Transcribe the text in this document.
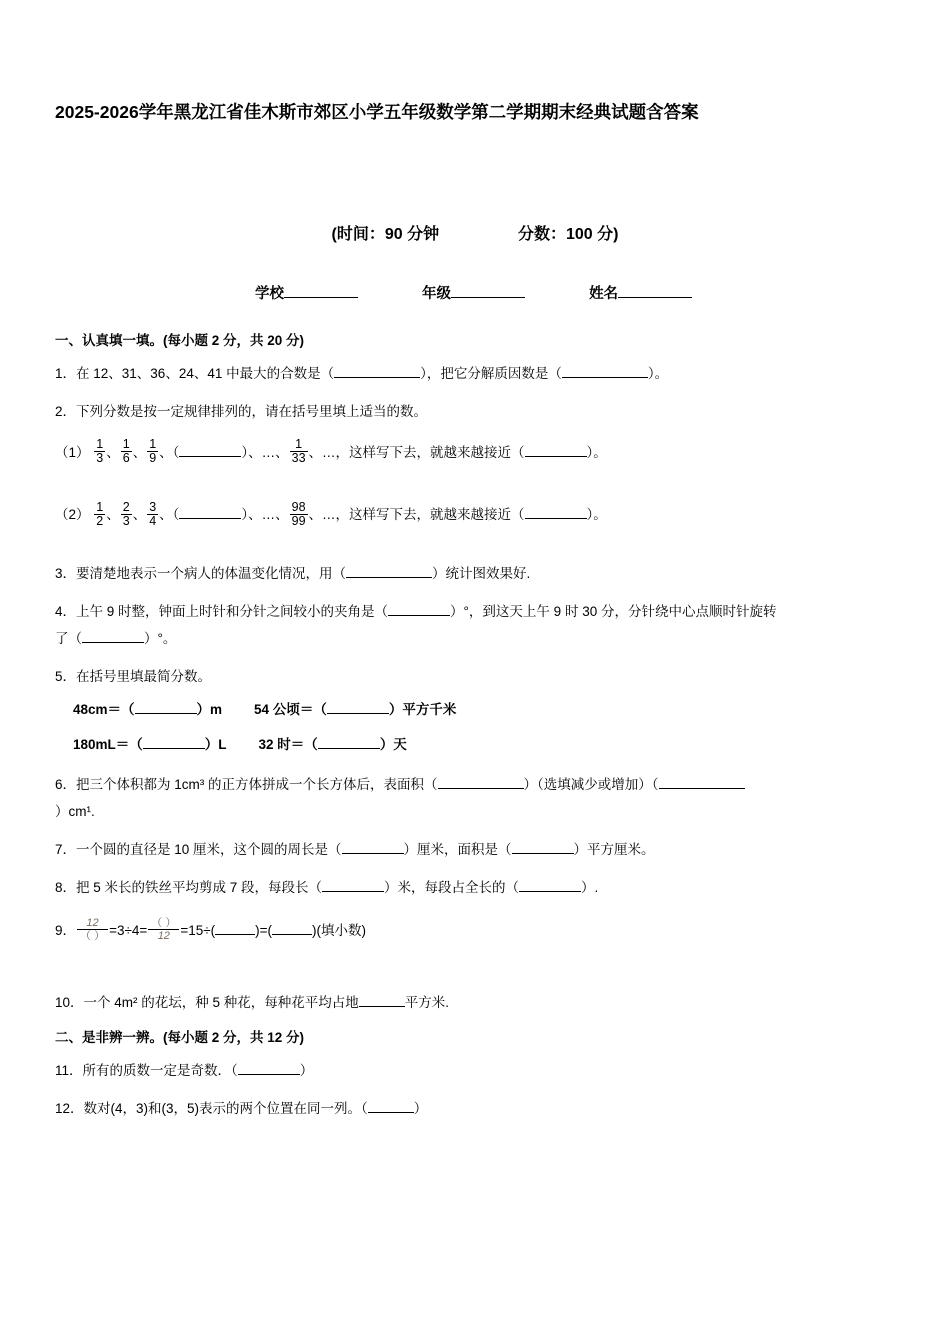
2025-2026学年黑龙江省佳木斯市郊区小学五年级数学第二学期期末经典试题含答案
(时间：90 分钟	分数：100 分)
学校	年级	姓名
一、认真填一填。(每小题 2 分，共 20 分)
1．在 12、31、36、24、41 中最大的合数是（	），把它分解质因数是（	）。
2．下列分数是按一定规律排列的，请在括号里填上适当的数。
$(1) \frac{1}{3}$ 、 $\frac{1}{6}$ 、 $\frac{1}{9}$ 、（	）、…、 $\frac{1}{33}$ 、…，这样写下去，就越来越接近（	）。
$(2) \frac{1}{2}$ 、 $\frac{2}{3}$ 、 $\frac{3}{4}$ 、（	）、…、 $\frac{98}{99}$ 、…，这样写下去，就越来越接近（	）。
3．要清楚地表示一个病人的体温变化情况，用（	）统计图效果好.
4．上午 9 时整，钟面上时针和分针之间较小的夹角是（	）°，到这天上午 9 时 30 分，分针绕中心点顺时针旋转
了（	）°。
5．在括号里填最简分数。
48cm＝（	）m 54 公顷＝（	）平方千米
180mL＝（	）L 32 时＝（	）天
6．把三个体积都为 1cm³ 的正方体拼成一个长方体后，表面积（	）（选填减少或增加）（
）cm¹.
7．一个圆的直径是 10 厘米，这个圆的周长是（	）厘米，面积是（	）平方厘米。
8．把 5 米长的铁丝平均剪成 7 段，每段长（	）米，每段占全长的（	）.
9．
12
（ ） =3÷4=
（ ）
12 =15÷(	)=(	)(填小数)
10．一个 4m² 的花坛，种 5 种花，每种花平均占地	平方米.
二、是非辨一辨。(每小题 2 分，共 12 分)
11．所有的质数一定是奇数．（	）
12．数对(4，3)和(3，5)表示的两个位置在同一列。（	）
